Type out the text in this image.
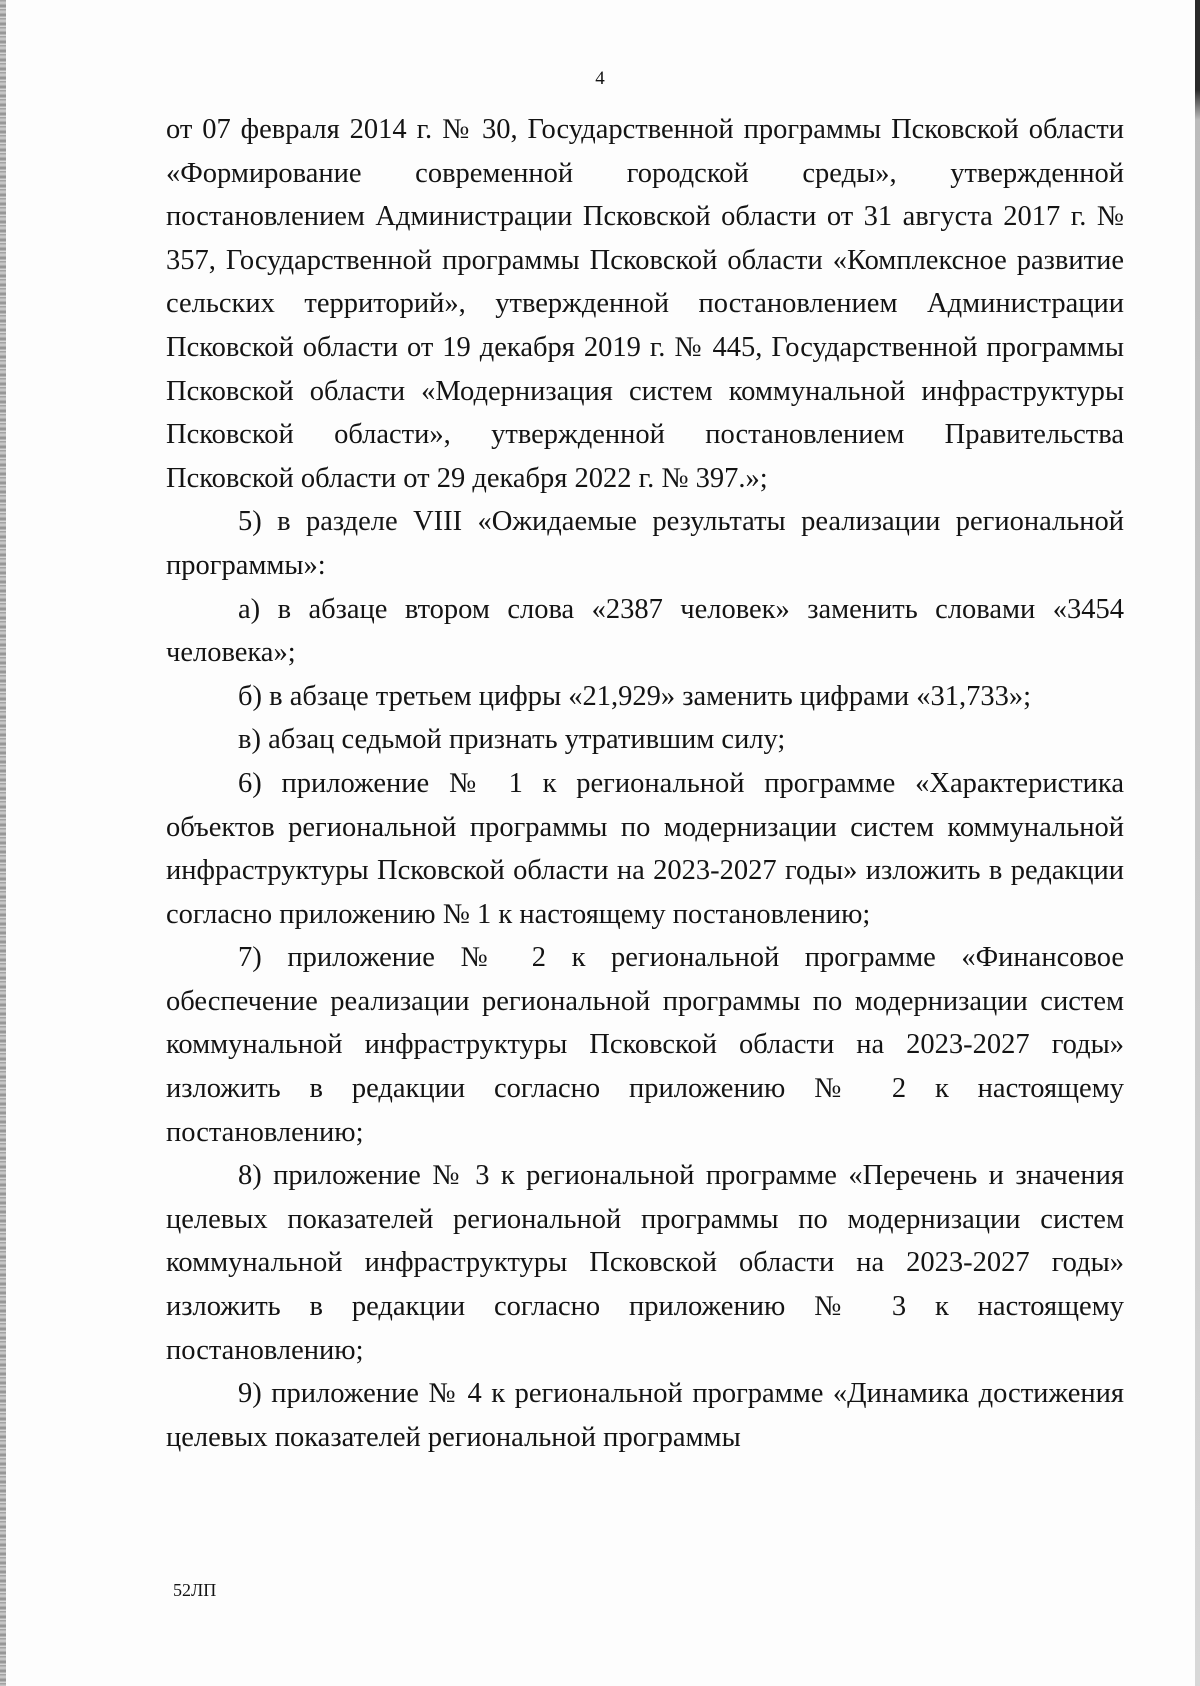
4

от 07 февраля 2014 г. № 30, Государственной программы Псковской области «Формирование современной городской среды», утвержденной постановлением Администрации Псковской области от 31 августа 2017 г. № 357, Государственной программы Псковской области «Комплексное развитие сельских территорий», утвержденной постановлением Администрации Псковской области от 19 декабря 2019 г. № 445, Государственной программы Псковской области «Модернизация систем коммунальной инфраструктуры Псковской области», утвержденной постановлением Правительства Псковской области от 29 декабря 2022 г. № 397.»;

5) в разделе VIII «Ожидаемые результаты реализации региональной программы»:

а) в абзаце втором слова «2387 человек» заменить словами «3454 человека»;

б) в абзаце третьем цифры «21,929» заменить цифрами «31,733»;

в) абзац седьмой признать утратившим силу;

6) приложение № 1 к региональной программе «Характеристика объектов региональной программы по модернизации систем коммунальной инфраструктуры Псковской области на 2023-2027 годы» изложить в редакции согласно приложению № 1 к настоящему постановлению;

7) приложение № 2 к региональной программе «Финансовое обеспечение реализации региональной программы по модернизации систем коммунальной инфраструктуры Псковской области на 2023-2027 годы» изложить в редакции согласно приложению № 2 к настоящему постановлению;

8) приложение № 3 к региональной программе «Перечень и значения целевых показателей региональной программы по модернизации систем коммунальной инфраструктуры Псковской области на 2023-2027 годы» изложить в редакции согласно приложению № 3 к настоящему постановлению;

9) приложение № 4 к региональной программе «Динамика достижения целевых показателей региональной программы

52ЛП
